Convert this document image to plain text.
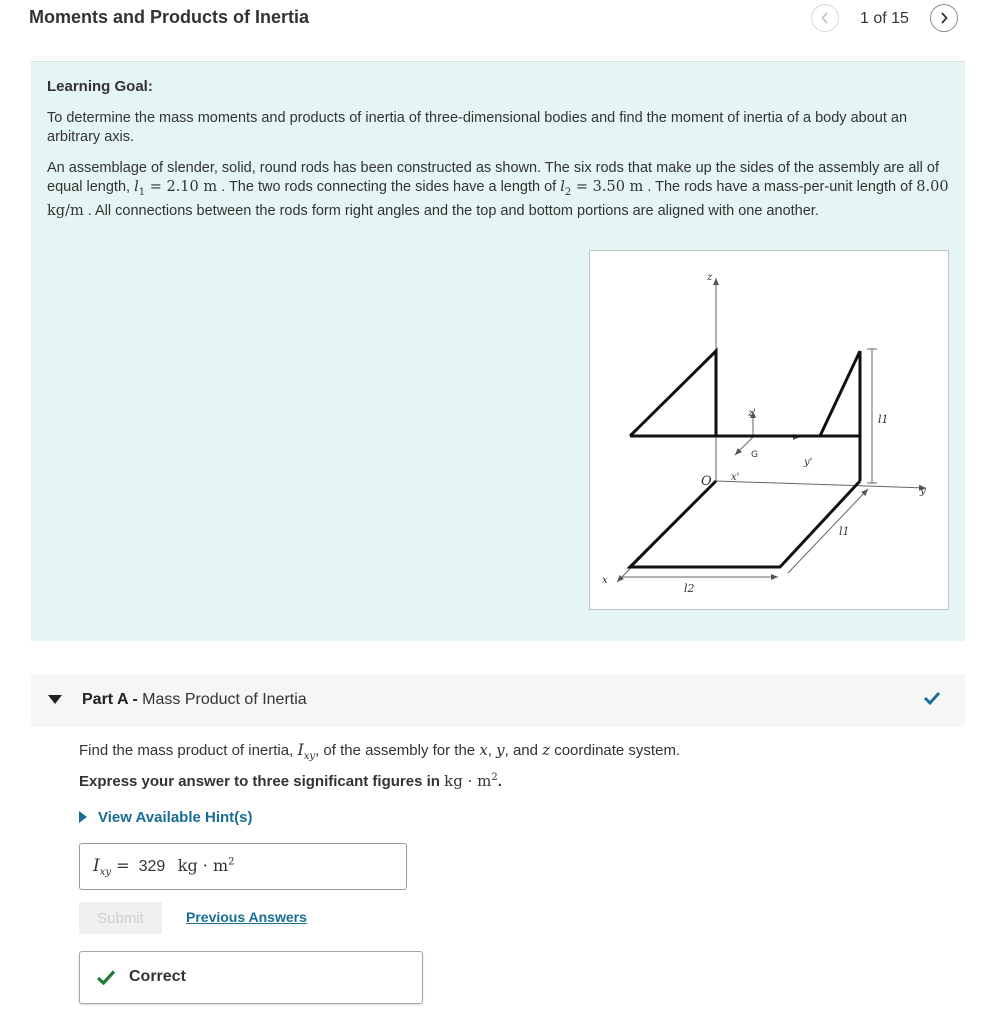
Moments and Products of Inertia	1 of 15
Learning Goal:

To determine the mass moments and products of inertia of three-dimensional bodies and find the moment of inertia of a body about an arbitrary axis.

An assemblage of slender, solid, round rods has been constructed as shown. The six rods that make up the sides of the assembly are all of equal length, $l_1 = 2.10$ m . The two rods connecting the sides have a length of $l_2 = 3.50$ m . The rods have a mass-per-unit length of 8.00 kg/m . All connections between the rods form right angles and the top and bottom portions are aligned with one another.

z
z'
G
y'
x'
O
y
x
l1
l1
l2
Part A - Mass Product of Inertia
Find the mass product of inertia, $I_{xy}$, of the assembly for the x, y, and z coordinate system.
Express your answer to three significant figures in kg · $m^2$.
View Available Hint(s)
$I_{xy} = 329$ kg · $m^2$
Submit	Previous Answers
Correct
